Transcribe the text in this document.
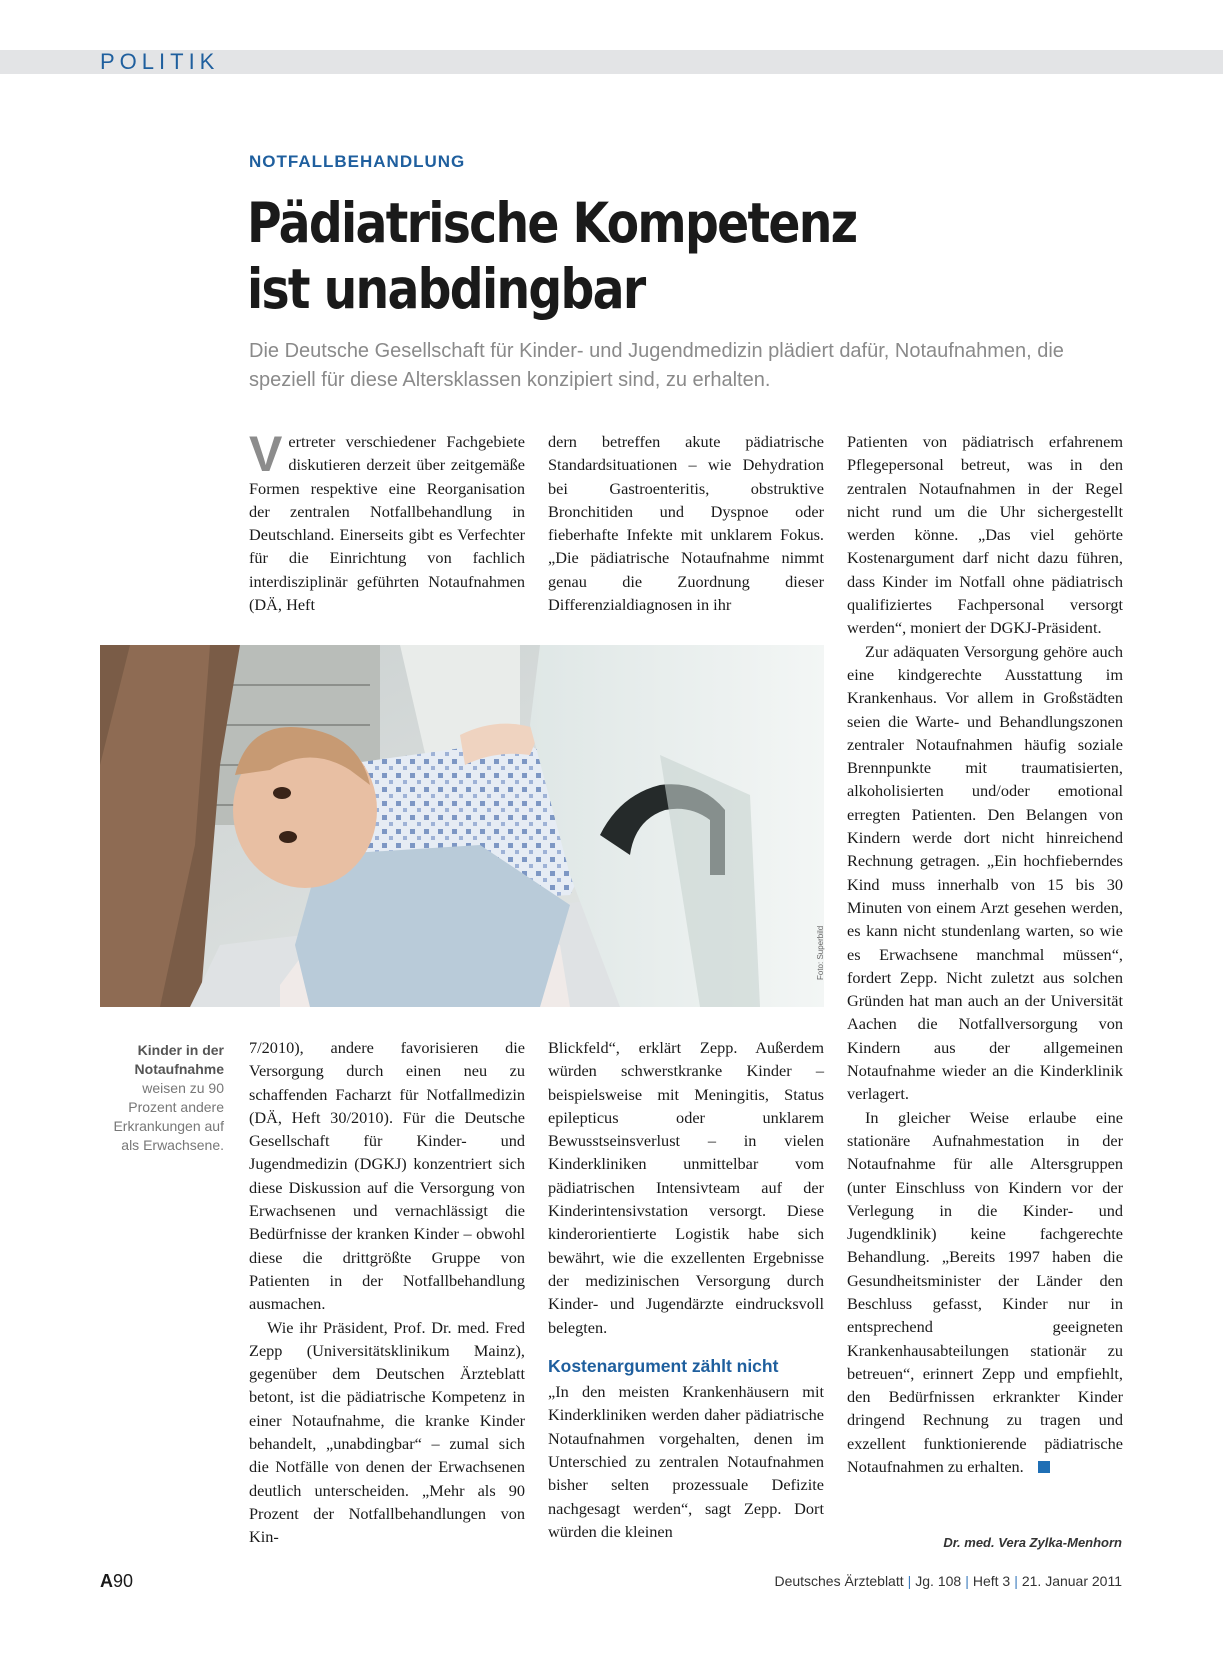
POLITIK
NOTFALLBEHANDLUNG
Pädiatrische Kompetenz ist unabdingbar
Die Deutsche Gesellschaft für Kinder- und Jugendmedizin plädiert dafür, Notaufnahmen, die speziell für diese Altersklassen konzipiert sind, zu erhalten.

Vertreter verschiedener Fachgebiete diskutieren derzeit über zeitgemäße Formen respektive eine Reorganisation der zentralen Notfallbehandlung in Deutschland. Einerseits gibt es Verfechter für die Einrichtung von fachlich interdisziplinär geführten Notaufnahmen (DÄ, Heft

dern betreffen akute pädiatrische Standardsituationen – wie Dehydration bei Gastroenteritis, obstruktive Bronchitiden und Dyspnoe oder fieberhafte Infekte mit unklarem Fokus. „Die pädiatrische Notaufnahme nimmt genau die Zuordnung dieser Differenzialdiagnosen in ihr

Foto: Superbild
Kinder in der Notaufnahme weisen zu 90 Prozent andere Erkrankungen auf als Erwachsene.

7/2010), andere favorisieren die Versorgung durch einen neu zu schaffenden Facharzt für Notfallmedizin (DÄ, Heft 30/2010). Für die Deutsche Gesellschaft für Kinder- und Jugendmedizin (DGKJ) konzentriert sich diese Diskussion auf die Versorgung von Erwachsenen und vernachlässigt die Bedürfnisse der kranken Kinder – obwohl diese die drittgrößte Gruppe von Patienten in der Notfallbehandlung ausmachen.

Wie ihr Präsident, Prof. Dr. med. Fred Zepp (Universitätsklinikum Mainz), gegenüber dem Deutschen Ärzteblatt betont, ist die pädiatrische Kompetenz in einer Notaufnahme, die kranke Kinder behandelt, „unabdingbar“ – zumal sich die Notfälle von denen der Erwachsenen deutlich unterscheiden. „Mehr als 90 Prozent der Notfallbehandlungen von Kin-

Blickfeld“, erklärt Zepp. Außerdem würden schwerstkranke Kinder – beispielsweise mit Meningitis, Status epilepticus oder unklarem Bewusstseinsverlust – in vielen Kinderkliniken unmittelbar vom pädiatrischen Intensivteam auf der Kinderintensivstation versorgt. Diese kinderorientierte Logistik habe sich bewährt, wie die exzellenten Ergebnisse der medizinischen Versorgung durch Kinder- und Jugendärzte eindrucksvoll belegten.

Kostenargument zählt nicht

„In den meisten Krankenhäusern mit Kinderkliniken werden daher pädiatrische Notaufnahmen vorgehalten, denen im Unterschied zu zentralen Notaufnahmen bisher selten prozessuale Defizite nachgesagt werden“, sagt Zepp. Dort würden die kleinen

Patienten von pädiatrisch erfahrenem Pflegepersonal betreut, was in den zentralen Notaufnahmen in der Regel nicht rund um die Uhr sichergestellt werden könne. „Das viel gehörte Kostenargument darf nicht dazu führen, dass Kinder im Notfall ohne pädiatrisch qualifiziertes Fachpersonal versorgt werden“, moniert der DGKJ-Präsident.

Zur adäquaten Versorgung gehöre auch eine kindgerechte Ausstattung im Krankenhaus. Vor allem in Großstädten seien die Warte- und Behandlungszonen zentraler Notaufnahmen häufig soziale Brennpunkte mit traumatisierten, alkoholisierten und/oder emotional erregten Patienten. Den Belangen von Kindern werde dort nicht hinreichend Rechnung getragen. „Ein hochfieberndes Kind muss innerhalb von 15 bis 30 Minuten von einem Arzt gesehen werden, es kann nicht stundenlang warten, so wie es Erwachsene manchmal müssen“, fordert Zepp. Nicht zuletzt aus solchen Gründen hat man auch an der Universität Aachen die Notfallversorgung von Kindern aus der allgemeinen Notaufnahme wieder an die Kinderklinik verlagert.

In gleicher Weise erlaube eine stationäre Aufnahmestation in der Notaufnahme für alle Altersgruppen (unter Einschluss von Kindern vor der Verlegung in die Kinder- und Jugendklinik) keine fachgerechte Behandlung. „Bereits 1997 haben die Gesundheitsminister der Länder den Beschluss gefasst, Kinder nur in entsprechend geeigneten Krankenhausabteilungen stationär zu betreuen“, erinnert Zepp und empfiehlt, den Bedürfnissen erkrankter Kinder dringend Rechnung zu tragen und exzellent funktionierende pädiatrische Notaufnahmen zu erhalten.

Dr. med. Vera Zylka-Menhorn
A90	Deutsches Ärzteblatt | Jg. 108 | Heft 3 | 21. Januar 2011
